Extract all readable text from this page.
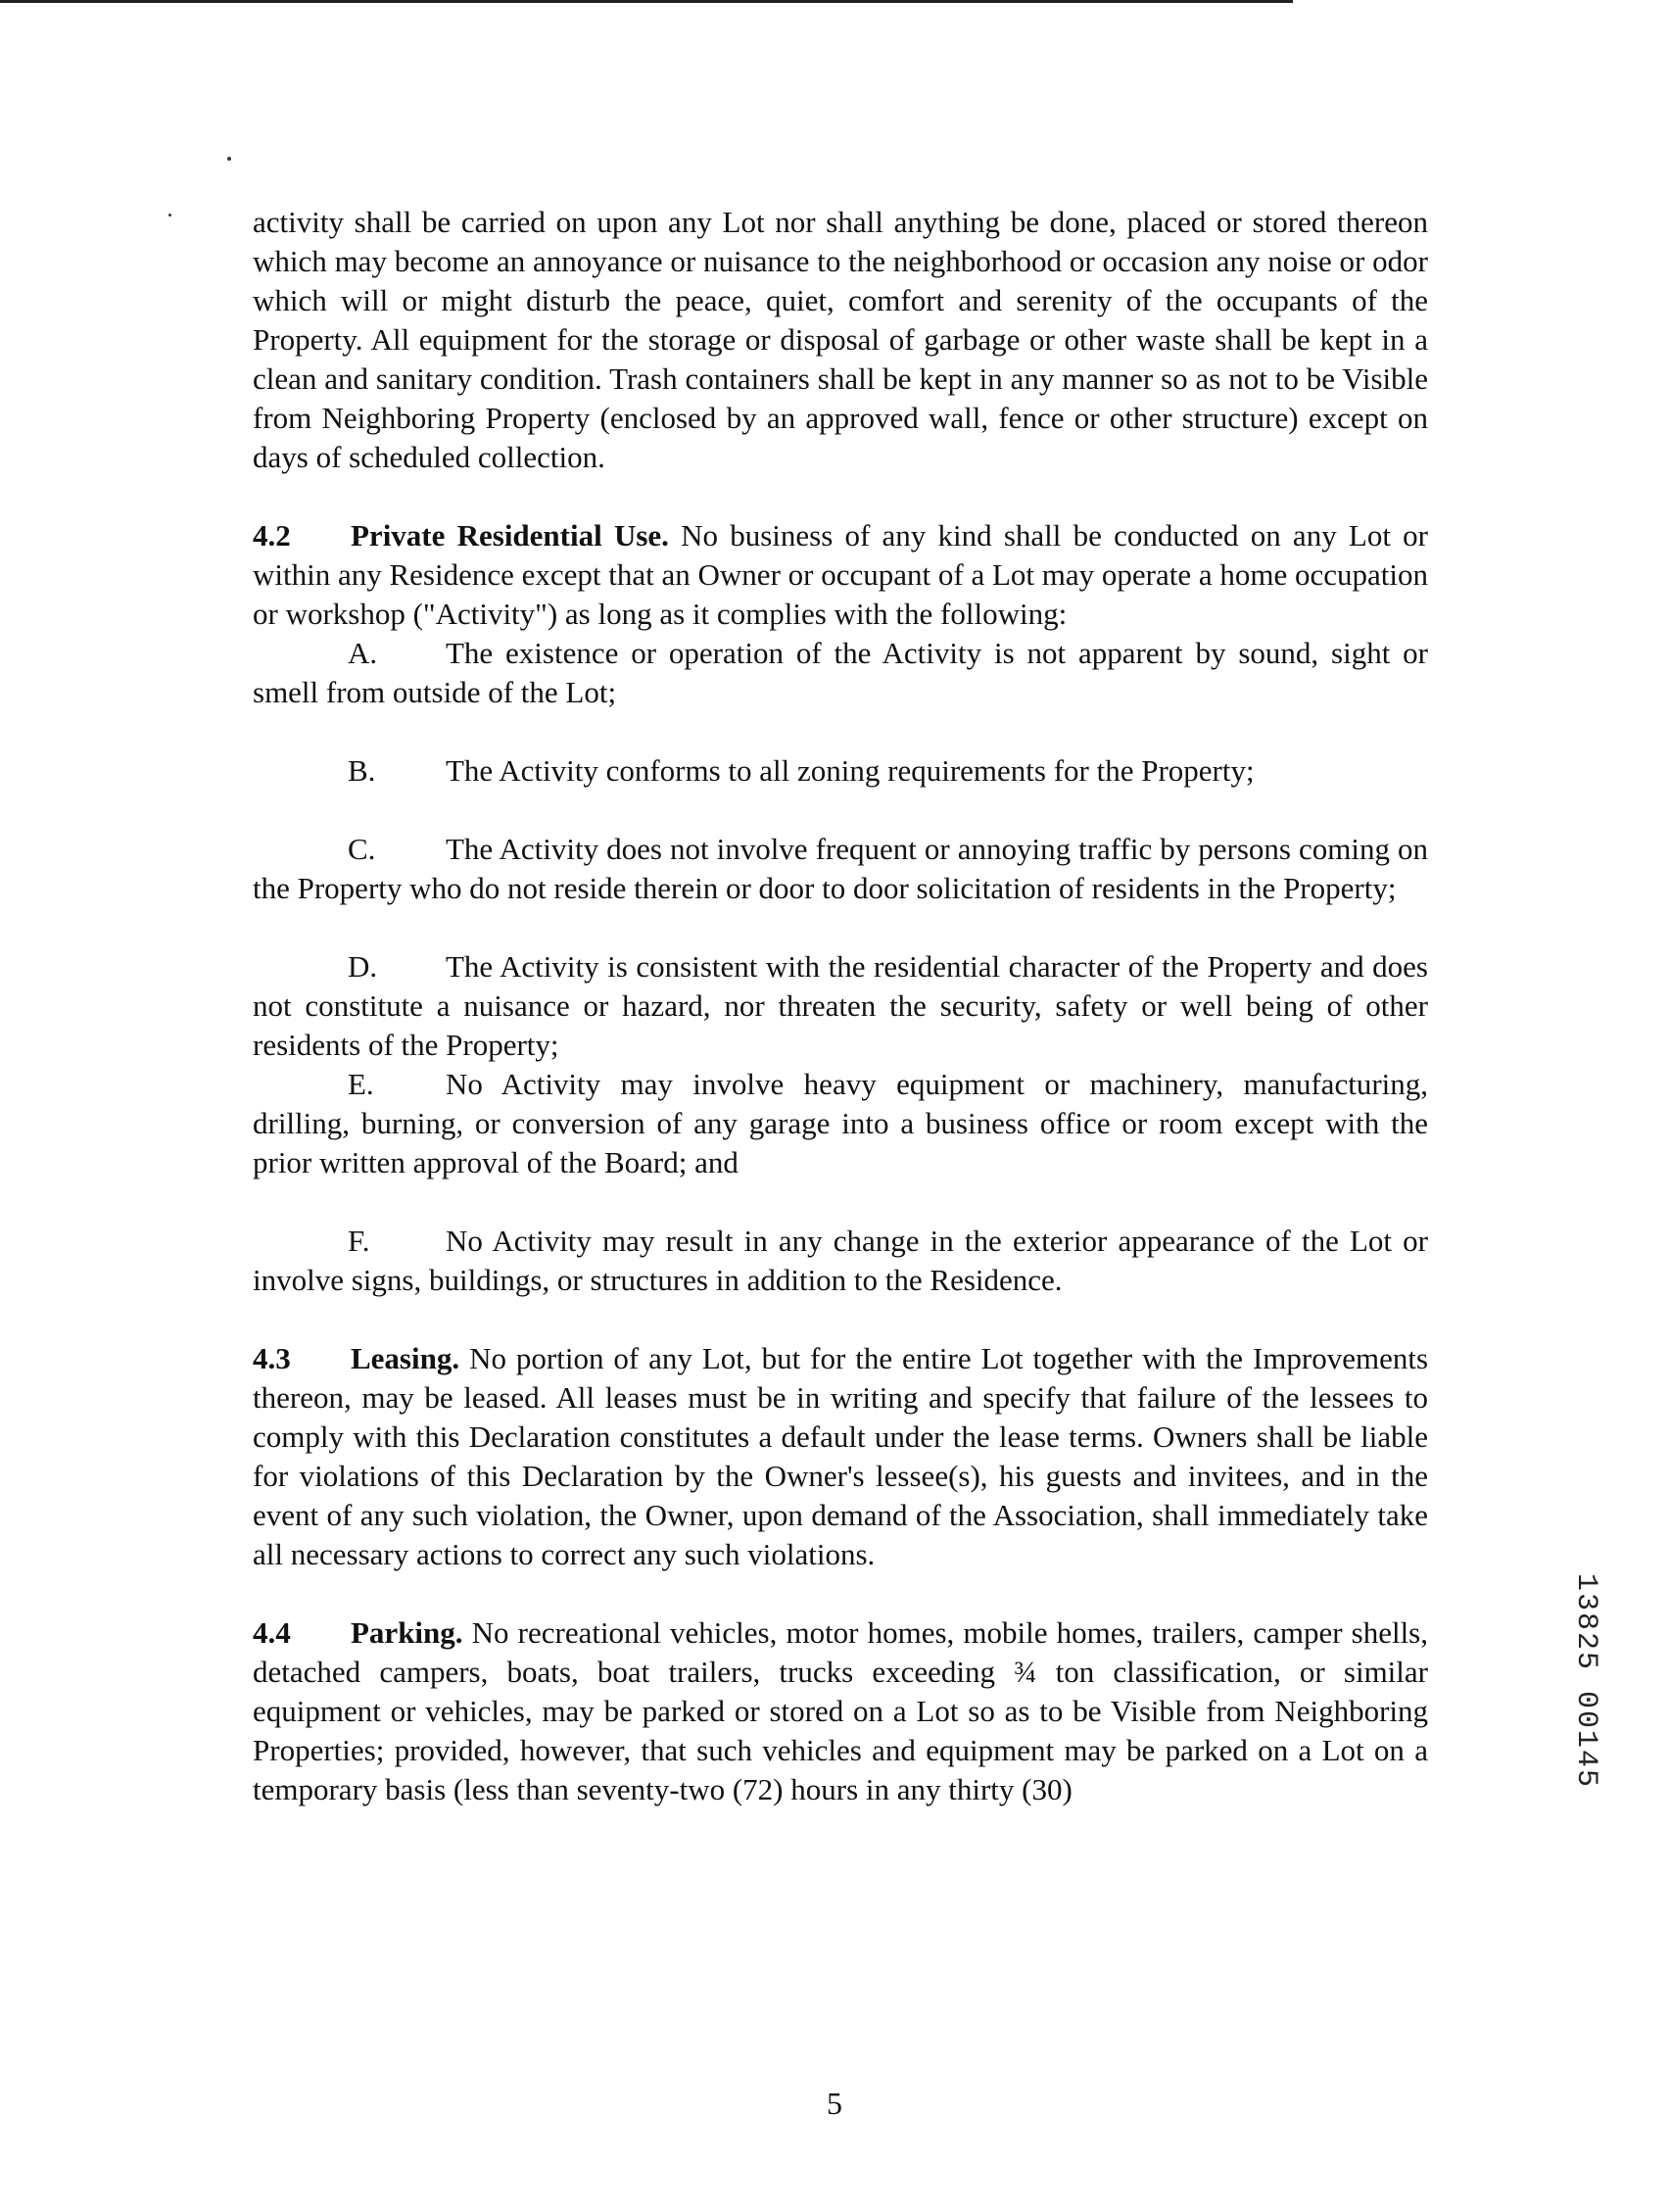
activity shall be carried on upon any Lot nor shall anything be done, placed or stored thereon which may become an annoyance or nuisance to the neighborhood or occasion any noise or odor which will or might disturb the peace, quiet, comfort and serenity of the occupants of the Property. All equipment for the storage or disposal of garbage or other waste shall be kept in a clean and sanitary condition. Trash containers shall be kept in any manner so as not to be Visible from Neighboring Property (enclosed by an approved wall, fence or other structure) except on days of scheduled collection.

4.2 Private Residential Use. No business of any kind shall be conducted on any Lot or within any Residence except that an Owner or occupant of a Lot may operate a home occupation or workshop ("Activity") as long as it complies with the following:

A. The existence or operation of the Activity is not apparent by sound, sight or smell from outside of the Lot;

B. The Activity conforms to all zoning requirements for the Property;

C. The Activity does not involve frequent or annoying traffic by persons coming on the Property who do not reside therein or door to door solicitation of residents in the Property;

D. The Activity is consistent with the residential character of the Property and does not constitute a nuisance or hazard, nor threaten the security, safety or well being of other residents of the Property;

E. No Activity may involve heavy equipment or machinery, manufacturing, drilling, burning, or conversion of any garage into a business office or room except with the prior written approval of the Board; and

F. No Activity may result in any change in the exterior appearance of the Lot or involve signs, buildings, or structures in addition to the Residence.

4.3 Leasing. No portion of any Lot, but for the entire Lot together with the Improvements thereon, may be leased. All leases must be in writing and specify that failure of the lessees to comply with this Declaration constitutes a default under the lease terms. Owners shall be liable for violations of this Declaration by the Owner's lessee(s), his guests and invitees, and in the event of any such violation, the Owner, upon demand of the Association, shall immediately take all necessary actions to correct any such violations.

4.4 Parking. No recreational vehicles, motor homes, mobile homes, trailers, camper shells, detached campers, boats, boat trailers, trucks exceeding ¾ ton classification, or similar equipment or vehicles, may be parked or stored on a Lot so as to be Visible from Neighboring Properties; provided, however, that such vehicles and equipment may be parked on a Lot on a temporary basis (less than seventy-two (72) hours in any thirty (30)

13825 00145
5
